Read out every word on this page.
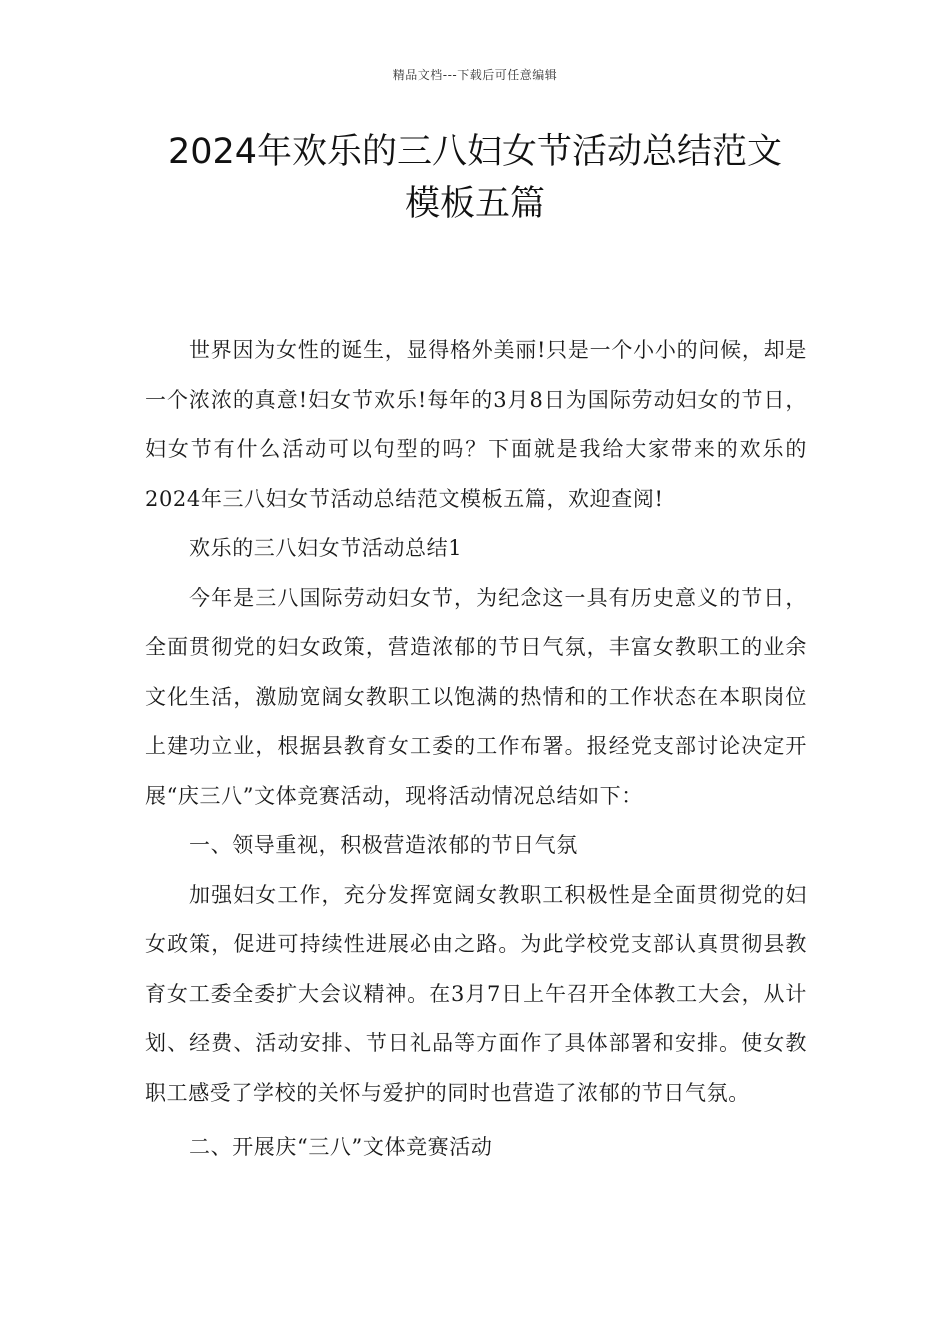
精品文档---下载后可任意编辑
2024年欢乐的三八妇女节活动总结范文
模板五篇

世界因为女性的诞生，显得格外美丽!只是一个小小的问候，却是一个浓浓的真意!妇女节欢乐!每年的3月8日为国际劳动妇女的节日，妇女节有什么活动可以句型的吗？下面就是我给大家带来的欢乐的2024年三八妇女节活动总结范文模板五篇，欢迎查阅!

欢乐的三八妇女节活动总结1

今年是三八国际劳动妇女节，为纪念这一具有历史意义的节日，全面贯彻党的妇女政策，营造浓郁的节日气氛，丰富女教职工的业余文化生活，激励宽阔女教职工以饱满的热情和的工作状态在本职岗位上建功立业，根据县教育女工委的工作布署。报经党支部讨论决定开展“庆三八”文体竞赛活动，现将活动情况总结如下：

一、领导重视，积极营造浓郁的节日气氛

加强妇女工作，充分发挥宽阔女教职工积极性是全面贯彻党的妇女政策，促进可持续性进展必由之路。为此学校党支部认真贯彻县教育女工委全委扩大会议精神。在3月7日上午召开全体教工大会，从计划、经费、活动安排、节日礼品等方面作了具体部署和安排。使女教职工感受了学校的关怀与爱护的同时也营造了浓郁的节日气氛。

二、开展庆“三八”文体竞赛活动
